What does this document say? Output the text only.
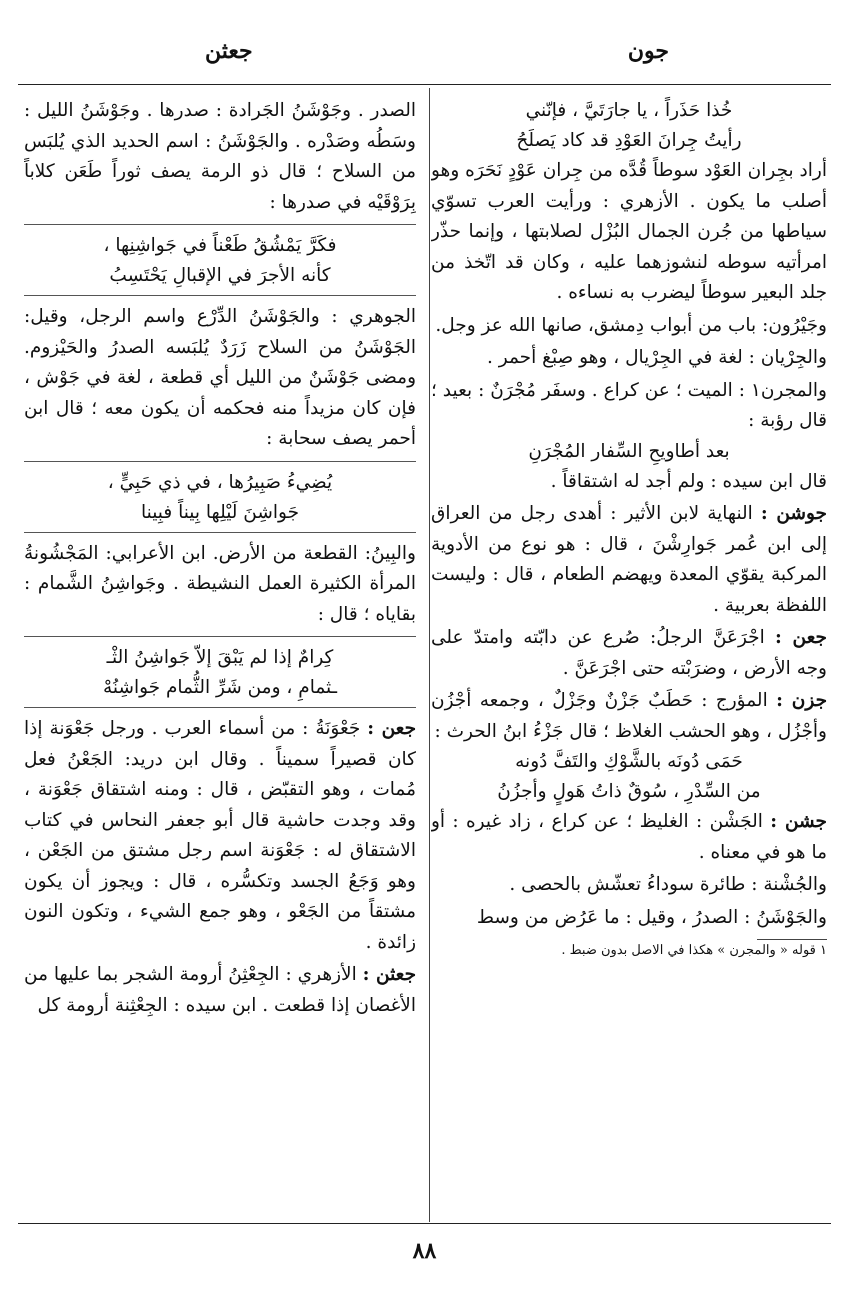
جون
جعثن
خُذا حَذَراً ، يا جارَتَيَّ ، فإنّني
رأيتُ جِرانَ العَوْدِ قد كاد يَصلَحُ

أراد بجِران العَوْد سوطاً قُدَّه من جِران عَوْدٍ نَحَرَه وهو أصلب ما يكون . الأزهري : ورأيت العرب تسوّي سياطها من جُرن الجمال البُزْل لصلابتها ، وإنما حذّر امرأتيه سوطه لنشوزهما عليه ، وكان قد اتّخذ من جلد البعير سوطاً ليضرب به نساءه .

وجَيْرُون: باب من أبواب دِمشق، صانها الله عز وجل.

والجِرْيان : لغة في الجِرْيال ، وهو صِبْغ أحمر .

والمجرن١ : الميت ؛ عن كراع . وسفَر مُجْرَنٌ : بعيد ؛ قال رؤبة :

بعد أطاويحِ السِّفار المُجْرَنِ

قال ابن سيده : ولم أجد له اشتقاقاً .

جوشن : النهاية لابن الأثير : أهدى رجل من العراق إلى ابن عُمر جَوارِشْنَ ، قال : هو نوع من الأدوية المركبة يقوّي المعدة ويهضم الطعام ، قال : وليست اللفظة بعربية .

جعن : اجْرَعَنَّ الرجلُ: صُرع عن دابّته وامتدّ على وجه الأرض ، وضرَبْته حتى اجْرَعَنَّ .

جزن : المؤرج : حَطَبٌ جَزْنٌ وجَزْلٌ ، وجمعه أجْزُن وأجْزُل ، وهو الحشب الغلاظ ؛ قال جَزْءُ ابنُ الحرث :

حَمَى دُونَه بالشَّوْكِ والتَفَّ دُونه
من السِّدْرِ ، سُوقٌ ذاتُ هَولٍ وأجزُنُ

جشن : الجَشْن : الغليظ ؛ عن كراع ، زاد غيره : أو ما هو في معناه .

والجُشْنة : طائرة سوداءُ تعشّش بالحصى .

والجَوْشَنُ : الصدرُ ، وقيل : ما عَرُض من وسط

١ قوله « والمجرن » هكذا في الاصل بدون ضبط .

الصدر . وجَوْشَنُ الجَرادة : صدرها . وجَوْشَنُ الليل : وسَطُه وصَدْره . والجَوْشَنُ : اسم الحديد الذي يُلبَس من السلاح ؛ قال ذو الرمة يصف ثوراً طَعَن كلاباً بِرَوْقَيْه في صدرها :

فكَرَّ يَمْشُقُ طَعْناً في جَواشِنِها ،
كأنه الأجرَ في الإقبالِ يَحْتَسِبُ

الجوهري : والجَوْشَنُ الدِّرْع واسم الرجل، وقيل: الجَوْشَنُ من السلاح زَرَدٌ يُلبَسه الصدرُ والحَيْزوم. ومضى جَوْشَنٌ من الليل أي قطعة ، لغة في جَوْش ، فإن كان مزيداً منه فحكمه أن يكون معه ؛ قال ابن أحمر يصف سحابة :

يُضِيءُ صَبِيرُها ، في ذي حَبِيٍّ ،
جَواشِنَ لَيْلِها بِيناً فبِينا

والبِينُ: القطعة من الأرض. ابن الأعرابي: المَجْشُونةُ المرأة الكثيرة العمل النشيطة . وجَواشِنُ الشَّمام : بقاياه ؛ قال :

كِرامٌ إذا لم يَبْقَ إلاّ جَواشِنُ الثْـ
ـثمامِ ، ومن شَرِّ الثُّمام جَواشِنُهْ

جعن : جَعْوَنَةُ : من أسماء العرب . ورجل جَعْوَنة إذا كان قصيراً سميناً . وقال ابن دريد: الجَعْنُ فعل مُمات ، وهو التقبّض ، قال : ومنه اشتقاق جَعْوَنة ، وقد وجدت حاشية قال أبو جعفر النحاس في كتاب الاشتقاق له : جَعْوَنة اسم رجل مشتق من الجَعْن ، وهو وَجَعُ الجسد وتكسُّره ، قال : ويجوز أن يكون مشتقاً من الجَعْو ، وهو جمع الشيء ، وتكون النون زائدة .

جعثن : الأزهري : الجِعْثِنُ أرومة الشجر بما عليها من الأغصان إذا قطعت . ابن سيده : الجِعْثِنة أرومة كل

٨٨
